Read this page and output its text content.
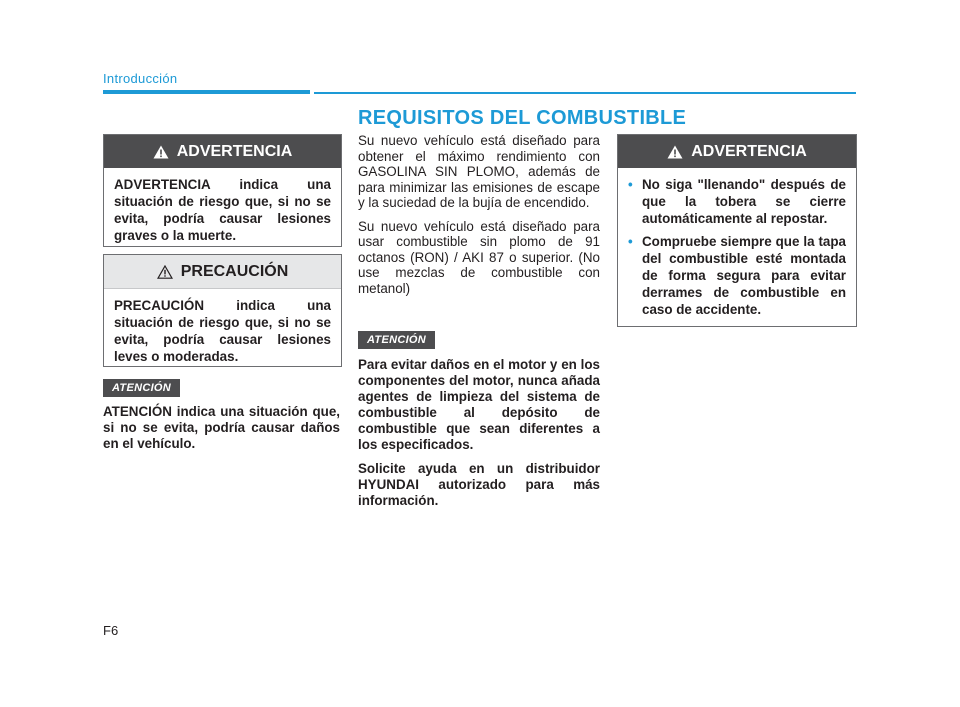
Introducción
REQUISITOS DEL COMBUSTIBLE
ADVERTENCIA
ADVERTENCIA indica una situación de riesgo que, si no se evita, podría causar lesiones graves o la muerte.
PRECAUCIÓN
PRECAUCIÓN indica una situación de riesgo que, si no se evita, podría causar lesiones leves o moderadas.
ATENCIÓN
ATENCIÓN indica una situación que, si no se evita, podría causar daños en el vehículo.

Su nuevo vehículo está diseñado para obtener el máximo rendimiento con GASOLINA SIN PLOMO, además de para minimizar las emisiones de escape y la suciedad de la bujía de encendido.

Su nuevo vehículo está diseñado para usar combustible sin plomo de 91 octanos (RON) / AKI 87 o superior. (No use mezclas de combustible con metanol)

ATENCIÓN

Para evitar daños en el motor y en los componentes del motor, nunca añada agentes de limpieza del sistema de combustible al depósito de combustible que sean diferentes a los especificados.

Solicite ayuda en un distribuidor HYUNDAI autorizado para más información.

ADVERTENCIA
• No siga "llenando" después de que la tobera se cierre automáticamente al repostar.
• Compruebe siempre que la tapa del combustible esté montada de forma segura para evitar derrames de combustible en caso de accidente.
F6
